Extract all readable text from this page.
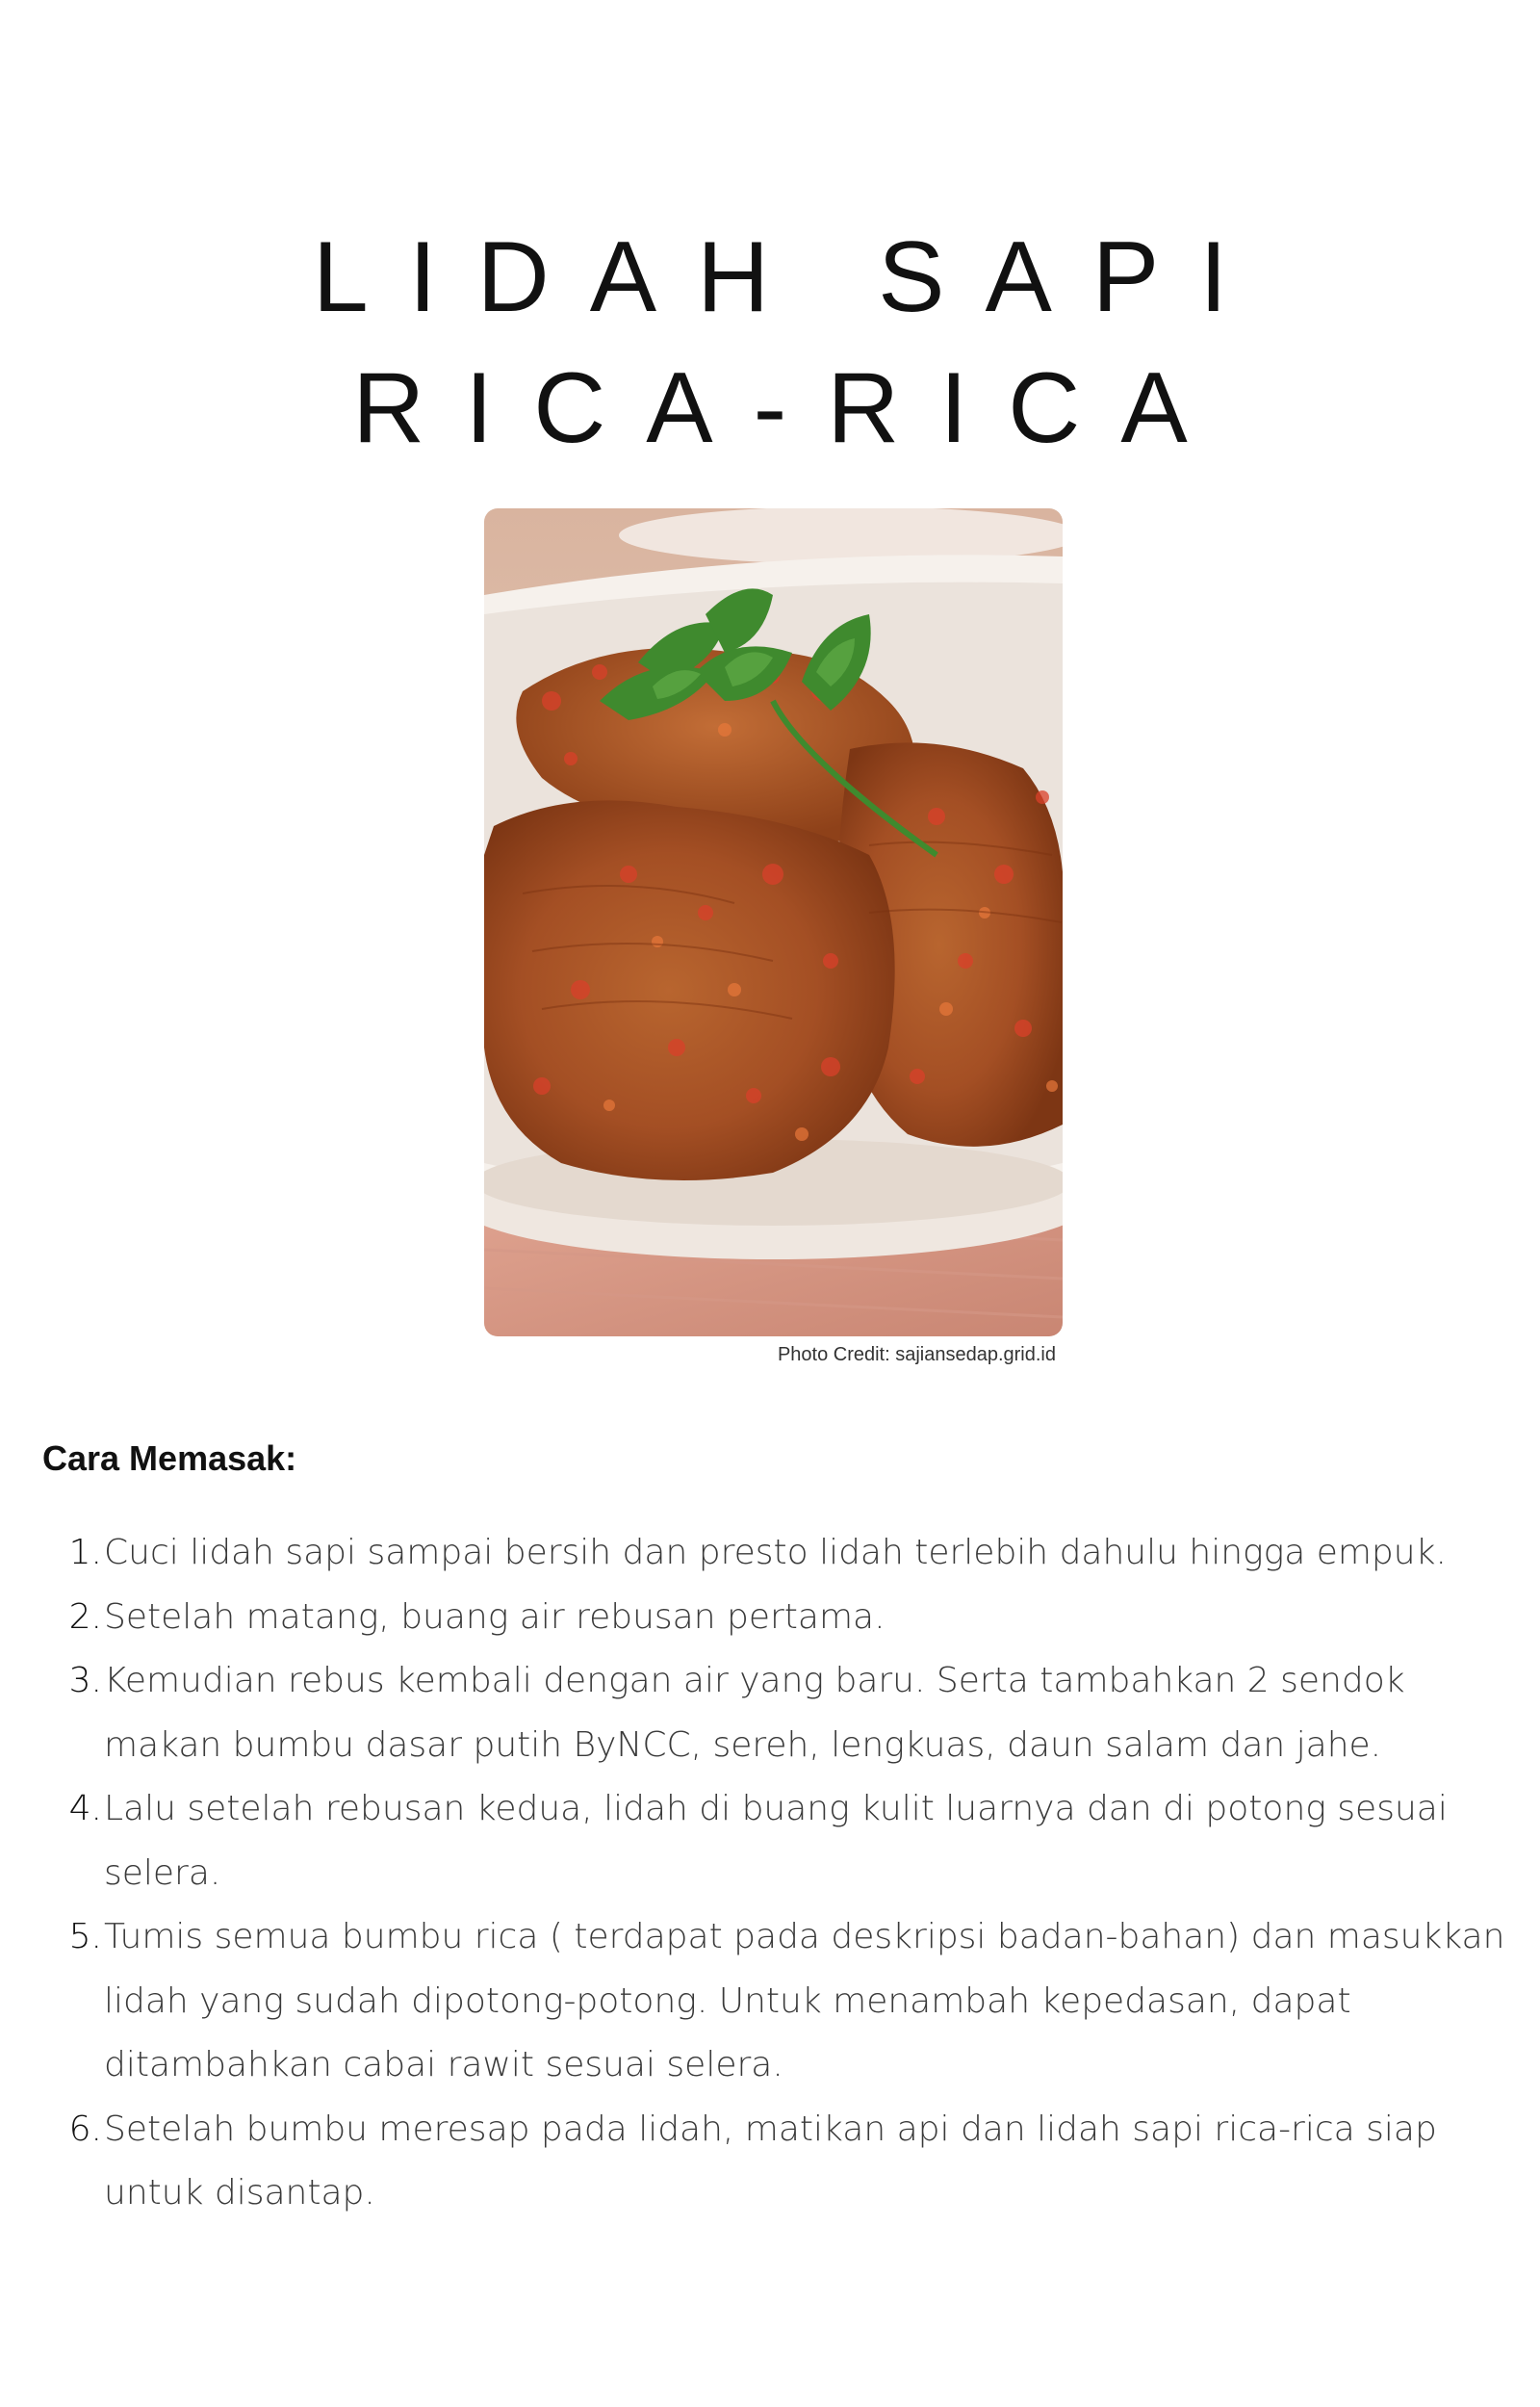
LIDAH SAPI
RICA-RICA
Photo Credit: sajiansedap.grid.id
Cara Memasak:
1. Cuci lidah sapi sampai bersih dan presto lidah terlebih dahulu hingga empuk.
2. Setelah matang, buang air rebusan pertama.
3. Kemudian rebus kembali dengan air yang baru. Serta tambahkan 2 sendok makan bumbu dasar putih ByNCC, sereh, lengkuas, daun salam dan jahe.
4. Lalu setelah rebusan kedua, lidah di buang kulit luarnya dan di potong sesuai selera.
5. Tumis semua bumbu rica ( terdapat pada deskripsi badan-bahan) dan masukkan lidah yang sudah dipotong-potong. Untuk menambah kepedasan, dapat ditambahkan cabai rawit sesuai selera.
6. Setelah bumbu meresap pada lidah, matikan api dan lidah sapi rica-rica siap untuk disantap.
